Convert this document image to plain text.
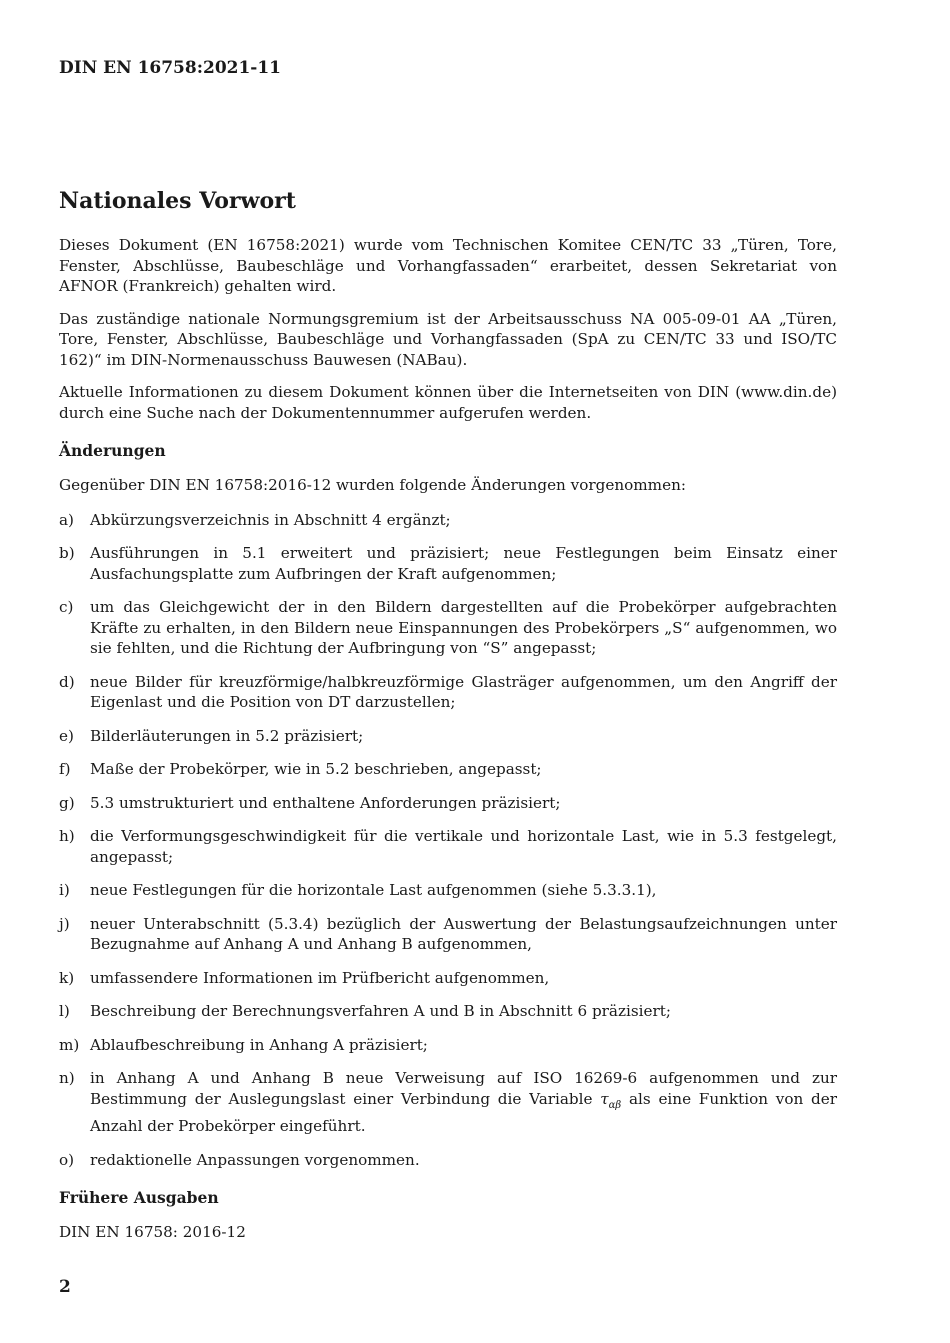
DIN EN 16758:2021-11
Nationales Vorwort

Dieses Dokument (EN 16758:2021) wurde vom Technischen Komitee CEN/TC 33 „Türen, Tore, Fenster, Abschlüsse, Baubeschläge und Vorhangfassaden“ erarbeitet, dessen Sekretariat von AFNOR (Frankreich) gehalten wird.

Das zuständige nationale Normungsgremium ist der Arbeitsausschuss NA 005-09-01 AA „Türen, Tore, Fenster, Abschlüsse, Baubeschläge und Vorhangfassaden (SpA zu CEN/TC 33 und ISO/TC 162)“ im DIN-Normenausschuss Bauwesen (NABau).

Aktuelle Informationen zu diesem Dokument können über die Internetseiten von DIN (www.din.de) durch eine Suche nach der Dokumentennummer aufgerufen werden.

Änderungen

Gegenüber DIN EN 16758:2016-12 wurden folgende Änderungen vorgenommen:

a) Abkürzungsverzeichnis in Abschnitt 4 ergänzt;
b) Ausführungen in 5.1 erweitert und präzisiert; neue Festlegungen beim Einsatz einer Ausfachungsplatte zum Aufbringen der Kraft aufgenommen;
c) um das Gleichgewicht der in den Bildern dargestellten auf die Probekörper aufgebrachten Kräfte zu erhalten, in den Bildern neue Einspannungen des Probekörpers „S“ aufgenommen, wo sie fehlten, und die Richtung der Aufbringung von “S” angepasst;
d) neue Bilder für kreuzförmige/halbkreuzförmige Glasträger aufgenommen, um den Angriff der Eigenlast und die Position von DT darzustellen;
e) Bilderläuterungen in 5.2 präzisiert;
f) Maße der Probekörper, wie in 5.2 beschrieben, angepasst;
g) 5.3 umstrukturiert und enthaltene Anforderungen präzisiert;
h) die Verformungsgeschwindigkeit für die vertikale und horizontale Last, wie in 5.3 festgelegt, angepasst;
i) neue Festlegungen für die horizontale Last aufgenommen (siehe 5.3.3.1),
j) neuer Unterabschnitt (5.3.4) bezüglich der Auswertung der Belastungsaufzeichnungen unter Bezugnahme auf Anhang A und Anhang B aufgenommen,
k) umfassendere Informationen im Prüfbericht aufgenommen,
l) Beschreibung der Berechnungsverfahren A und B in Abschnitt 6 präzisiert;
m) Ablaufbeschreibung in Anhang A präzisiert;
n) in Anhang A und Anhang B neue Verweisung auf ISO 16269-6 aufgenommen und zur Bestimmung der Auslegungslast einer Verbindung die Variable $\tau_{\alpha\beta}$ als eine Funktion von der Anzahl der Probekörper eingeführt.
o) redaktionelle Anpassungen vorgenommen.
Frühere Ausgaben

DIN EN 16758: 2016-12

2
